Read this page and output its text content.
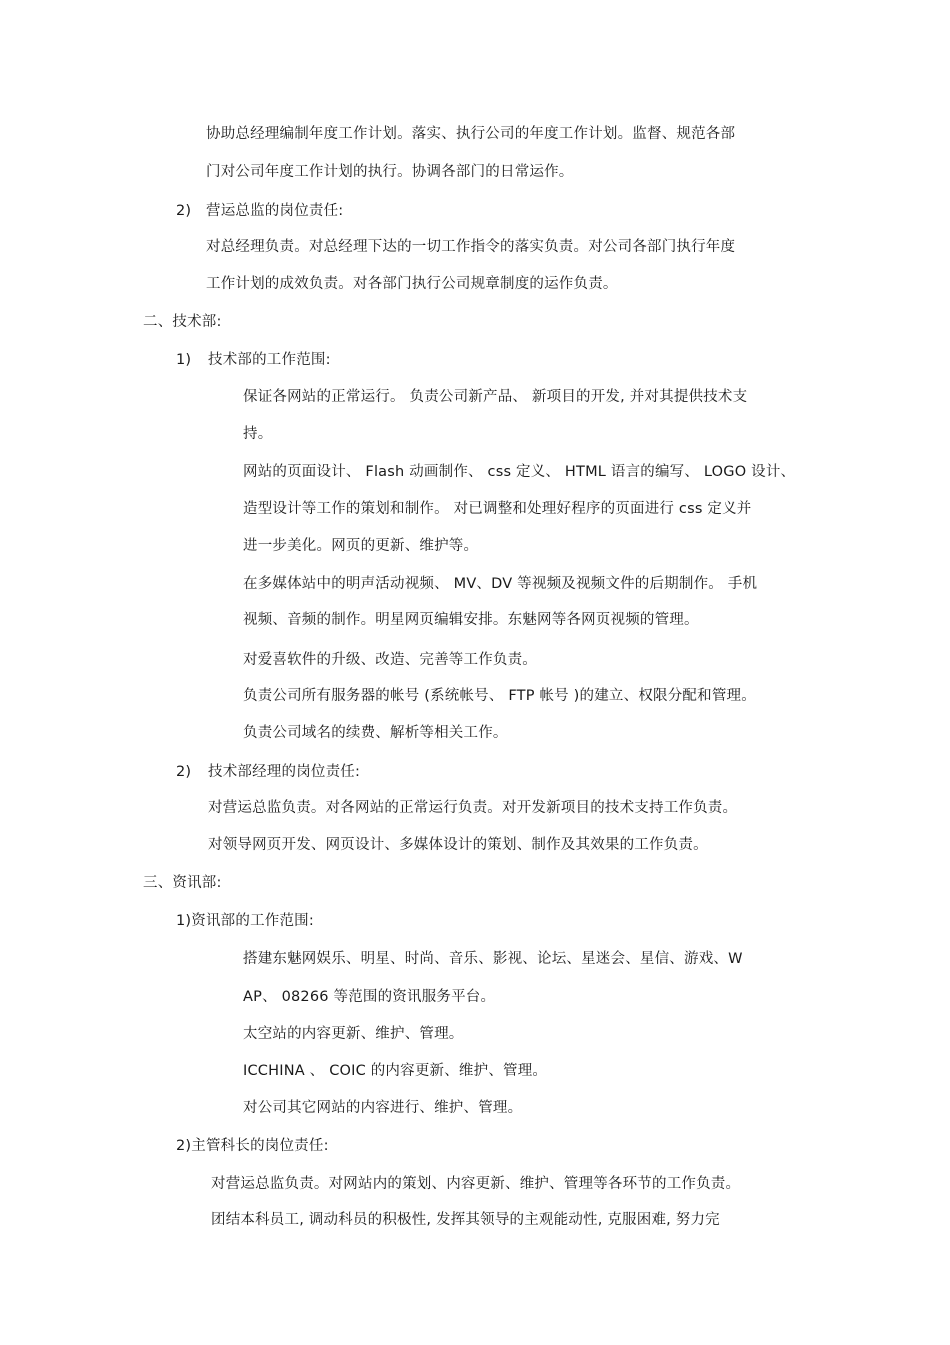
协助总经理编制年度工作计划。落实、执行公司的年度工作计划。监督、规范各部
门对公司年度工作计划的执行。协调各部门的日常运作。
2) 营运总监的岗位责任:
对总经理负责。对总经理下达的一切工作指令的落实负责。对公司各部门执行年度
工作计划的成效负责。对各部门执行公司规章制度的运作负责。
二、技术部:
1) 技术部的工作范围:
保证各网站的正常运行。 负责公司新产品、 新项目的开发, 并对其提供技术支
持。
网站的页面设计、 Flash 动画制作、 css 定义、 HTML 语言的编写、 LOGO 设计、
造型设计等工作的策划和制作。 对已调整和处理好程序的页面进行 css 定义并
进一步美化。网页的更新、维护等。
在多媒体站中的明声活动视频、 MV、DV 等视频及视频文件的后期制作。 手机
视频、音频的制作。明星网页编辑安排。东魅网等各网页视频的管理。
对爱喜软件的升级、改造、完善等工作负责。
负责公司所有服务器的帐号 (系统帐号、 FTP 帐号 )的建立、权限分配和管理。
负责公司域名的续费、解析等相关工作。
2) 技术部经理的岗位责任:
对营运总监负责。对各网站的正常运行负责。对开发新项目的技术支持工作负责。
对领导网页开发、网页设计、多媒体设计的策划、制作及其效果的工作负责。
三、资讯部:
1)资讯部的工作范围:
搭建东魅网娱乐、明星、时尚、音乐、影视、论坛、星迷会、星信、游戏、W
AP、 08266 等范围的资讯服务平台。
太空站的内容更新、维护、管理。
ICCHINA 、 COIC 的内容更新、维护、管理。
对公司其它网站的内容进行、维护、管理。
2)主管科长的岗位责任:
对营运总监负责。对网站内的策划、内容更新、维护、管理等各环节的工作负责。
团结本科员工, 调动科员的积极性, 发挥其领导的主观能动性, 克服困难, 努力完
